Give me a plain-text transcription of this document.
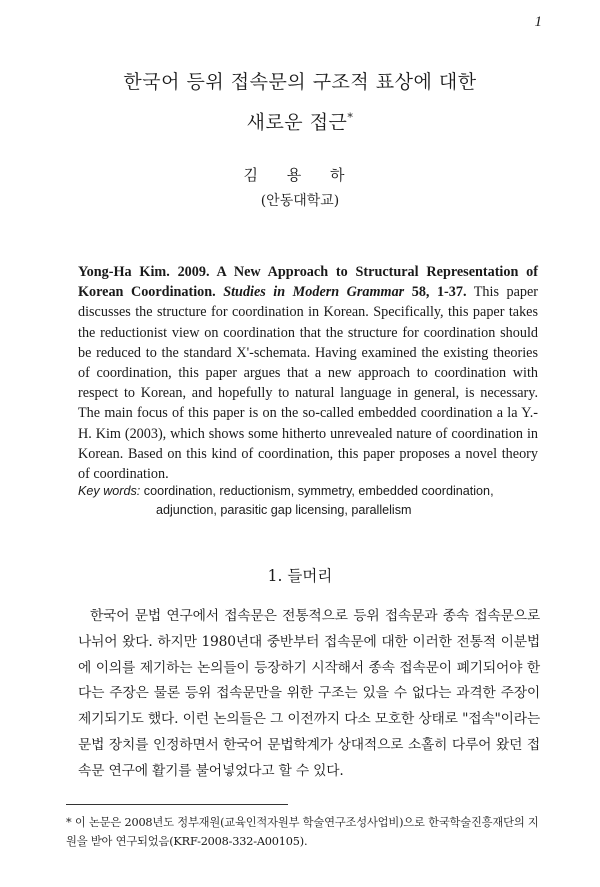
1
한국어 등위 접속문의 구조적 표상에 대한
새로운 접근*
김 용 하
(안동대학교)

Yong-Ha Kim. 2009. A New Approach to Structural Representation of Korean Coordination. Studies in Modern Grammar 58, 1-37. This paper discusses the structure for coordination in Korean. Specifically, this paper takes the reductionist view on coordination that the structure for coordination should be reduced to the standard X'-schemata. Having examined the existing theories of coordination, this paper argues that a new approach to coordination with respect to Korean, and hopefully to natural language in general, is necessary. The main focus of this paper is on the so-called embedded coordination a la Y.-H. Kim (2003), which shows some hitherto unrevealed nature of coordination in Korean. Based on this kind of coordination, this paper proposes a novel theory of coordination.

Key words: coordination, reductionism, symmetry, embedded coordination,
adjunction, parasitic gap licensing, parallelism
1. 들머리

한국어 문법 연구에서 접속문은 전통적으로 등위 접속문과 종속 접속문으로 나뉘어 왔다. 하지만 1980년대 중반부터 접속문에 대한 이러한 전통적 이분법에 이의를 제기하는 논의들이 등장하기 시작해서 종속 접속문이 폐기되어야 한다는 주장은 물론 등위 접속문만을 위한 구조는 있을 수 없다는 과격한 주장이 제기되기도 했다. 이런 논의들은 그 이전까지 다소 모호한 상태로 "접속"이라는 문법 장치를 인정하면서 한국어 문법학계가 상대적으로 소홀히 다루어 왔던 접속문 연구에 활기를 불어넣었다고 할 수 있다.

* 이 논문은 2008년도 정부재원(교육인적자원부 학술연구조성사업비)으로 한국학술진흥재단의 지원을 받아 연구되었음(KRF-2008-332-A00105).
